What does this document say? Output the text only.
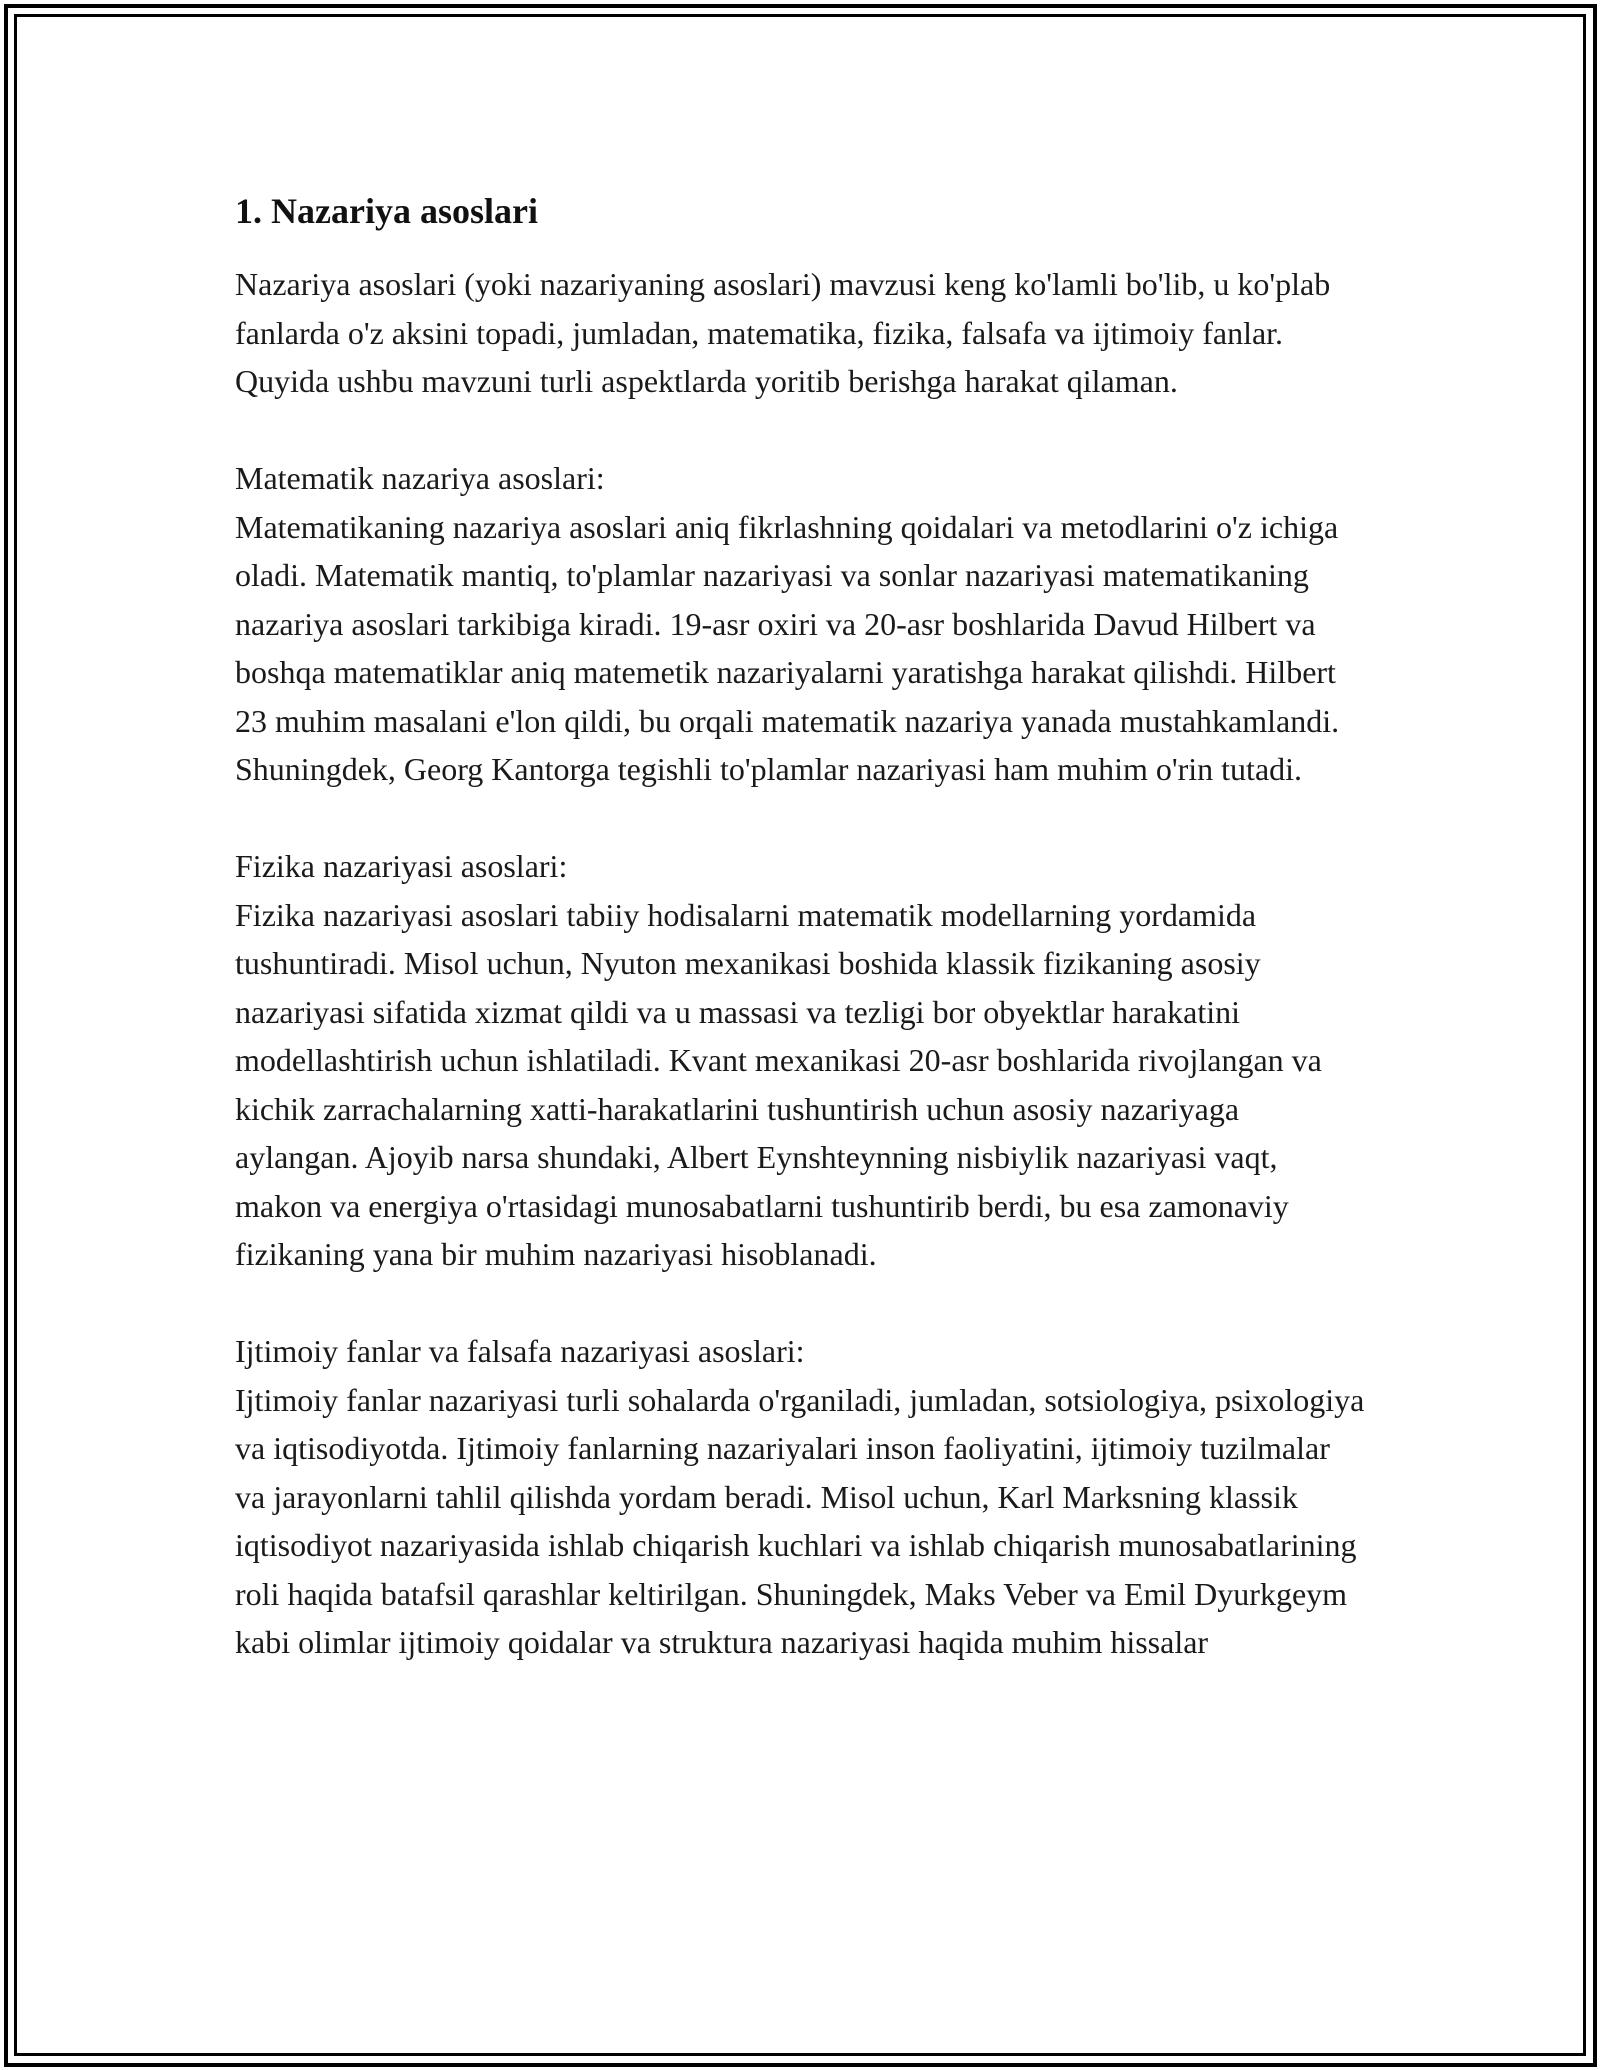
1. Nazariya asoslari

Nazariya asoslari (yoki nazariyaning asoslari) mavzusi keng ko'lamli bo'lib, u ko'plab fanlarda o'z aksini topadi, jumladan, matematika, fizika, falsafa va ijtimoiy fanlar. Quyida ushbu mavzuni turli aspektlarda yoritib berishga harakat qilaman.

Matematik nazariya asoslari:
Matematikaning nazariya asoslari aniq fikrlashning qoidalari va metodlarini o'z ichiga oladi. Matematik mantiq, to'plamlar nazariyasi va sonlar nazariyasi matematikaning nazariya asoslari tarkibiga kiradi. 19-asr oxiri va 20-asr boshlarida Davud Hilbert va boshqa matematiklar aniq matemetik nazariyalarni yaratishga harakat qilishdi. Hilbert 23 muhim masalani e'lon qildi, bu orqali matematik nazariya yanada mustahkamlandi. Shuningdek, Georg Kantorga tegishli to'plamlar nazariyasi ham muhim o'rin tutadi.

Fizika nazariyasi asoslari:
Fizika nazariyasi asoslari tabiiy hodisalarni matematik modellarning yordamida tushuntiradi. Misol uchun, Nyuton mexanikasi boshida klassik fizikaning asosiy nazariyasi sifatida xizmat qildi va u massasi va tezligi bor obyektlar harakatini modellashtirish uchun ishlatiladi. Kvant mexanikasi 20-asr boshlarida rivojlangan va kichik zarrachalarning xatti-harakatlarini tushuntirish uchun asosiy nazariyaga aylangan. Ajoyib narsa shundaki, Albert Eynshteynning nisbiylik nazariyasi vaqt, makon va energiya o'rtasidagi munosabatlarni tushuntirib berdi, bu esa zamonaviy fizikaning yana bir muhim nazariyasi hisoblanadi.

Ijtimoiy fanlar va falsafa nazariyasi asoslari:
Ijtimoiy fanlar nazariyasi turli sohalarda o'rganiladi, jumladan, sotsiologiya, psixologiya va iqtisodiyotda. Ijtimoiy fanlarning nazariyalari inson faoliyatini, ijtimoiy tuzilmalar va jarayonlarni tahlil qilishda yordam beradi. Misol uchun, Karl Marksning klassik iqtisodiyot nazariyasida ishlab chiqarish kuchlari va ishlab chiqarish munosabatlarining roli haqida batafsil qarashlar keltirilgan. Shuningdek, Maks Veber va Emil Dyurkgeym kabi olimlar ijtimoiy qoidalar va struktura nazariyasi haqida muhim hissalar
